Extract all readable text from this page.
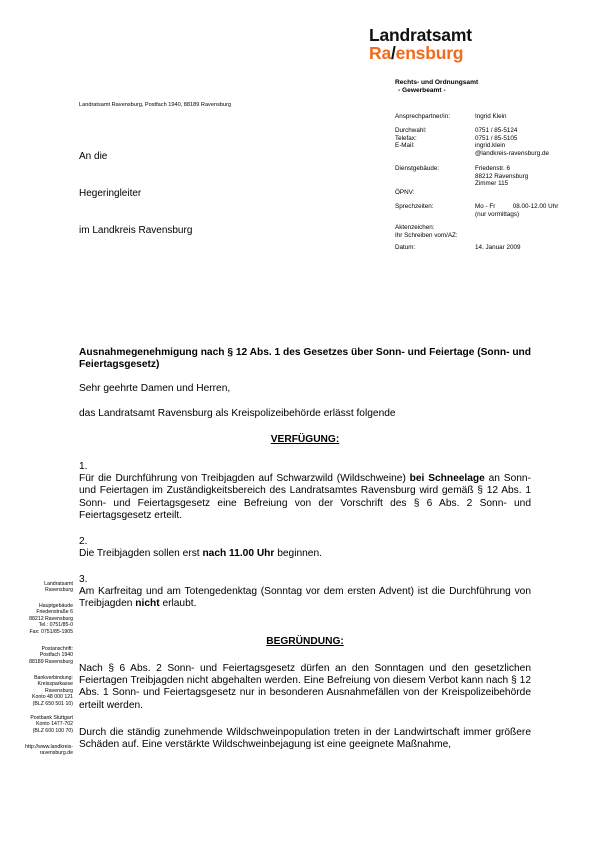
Landratsamt
Ra/ensburg
Rechts- und Ordnungsamt
- Gewerbeamt -
Landratsamt Ravensburg, Postfach 1940, 88189 Ravensburg
Ansprechpartner/in:	Ingrid Klein
Durchwahl:	0751 / 85-5124
Telefax:	0751 / 85-5105
E-Mail:	ingrid.klein
@landkreis-ravensburg.de
Dienstgebäude:	Friedenstr. 6
88212 Ravensburg
Zimmer 115
ÖPNV:
Sprechzeiten:	Mo - Fr          08.00-12.00 Uhr
(nur vormittags)
Aktenzeichen:
Ihr Schreiben vom/AZ:
Datum:	14. Januar 2009
An die
Hegeringleiter
im Landkreis Ravensburg
Ausnahmegenehmigung nach § 12 Abs. 1 des Gesetzes über Sonn- und Feiertage (Sonn- und Feiertagsgesetz)
Sehr geehrte Damen und Herren,
das Landratsamt Ravensburg als Kreispolizeibehörde erlässt folgende
VERFÜGUNG:

1.

Für die Durchführung von Treibjagden auf Schwarzwild (Wildschweine) bei Schneelage an Sonn- und Feiertagen im Zuständigkeitsbereich des Landratsamtes Ravensburg wird gemäß § 12 Abs. 1 Sonn- und Feiertagsgesetz eine Befreiung von der Vorschrift des § 6 Abs. 2 Sonn- und Feiertagsgesetz erteilt.

2.

Die Treibjagden sollen erst nach 11.00 Uhr beginnen.

3.

Am Karfreitag und am Totengedenktag (Sonntag vor dem ersten Advent) ist die Durchführung von Treibjagden nicht erlaubt.

BEGRÜNDUNG:
Nach § 6 Abs. 2 Sonn- und Feiertagsgesetz dürfen an den Sonntagen und den gesetzlichen Feiertagen Treibjagden nicht abgehalten werden. Eine Befreiung von diesem Verbot kann nach § 12 Abs. 1 Sonn- und Feiertagsgesetz nur in besonderen Ausnahmefällen von der Kreispolizeibehörde erteilt werden.
Durch die ständig zunehmende Wildschweinpopulation treten in der Landwirtschaft immer größere Schäden auf. Eine verstärkte Wildschweinbejagung ist eine geeignete Maßnahme,
Landratsamt
Ravensburg
Hauptgebäude
Friedenstraße 6
88212 Ravensburg
Tel.: 0751/85-0
Fax: 0751/85-1905
Postanschrift:
Postfach 1940
88189 Ravensburg
Bankverbindung:
Kreissparkasse
Ravensburg
Konto 48 000 121
(BLZ 650 501 10)
Postbank Stuttgart
Konto 1477-702
(BLZ 600 100 70)
http://www.landkreis-
ravensburg.de
